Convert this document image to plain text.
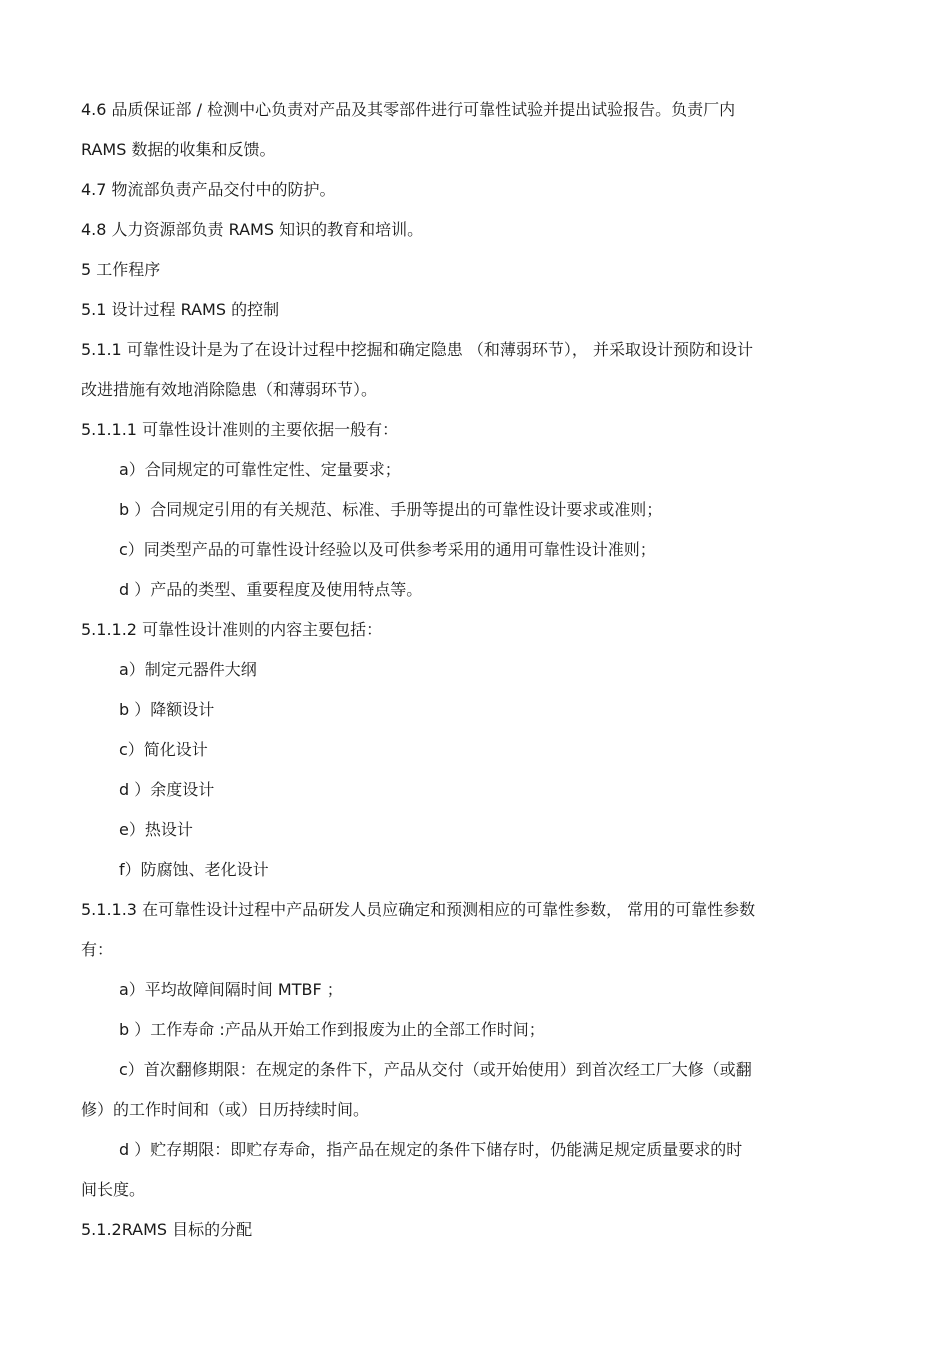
4.6 品质保证部 / 检测中心负责对产品及其零部件进行可靠性试验并提出试验报告。负责厂内
RAMS 数据的收集和反馈。
4.7 物流部负责产品交付中的防护。
4.8 人力资源部负责 RAMS 知识的教育和培训。
5 工作程序
5.1 设计过程 RAMS 的控制
5.1.1 可靠性设计是为了在设计过程中挖掘和确定隐患 （和薄弱环节）， 并采取设计预防和设计
改进措施有效地消除隐患（和薄弱环节）。
5.1.1.1 可靠性设计准则的主要依据一般有：
a）合同规定的可靠性定性、定量要求；
b ）合同规定引用的有关规范、标准、手册等提出的可靠性设计要求或准则；
c）同类型产品的可靠性设计经验以及可供参考采用的通用可靠性设计准则；
d ）产品的类型、重要程度及使用特点等。
5.1.1.2 可靠性设计准则的内容主要包括：
a）制定元器件大纲
b ）降额设计
c）简化设计
d ）余度设计
e）热设计
f）防腐蚀、老化设计
5.1.1.3 在可靠性设计过程中产品研发人员应确定和预测相应的可靠性参数， 常用的可靠性参数
有：
a）平均故障间隔时间 MTBF ；
b ）工作寿命 :产品从开始工作到报废为止的全部工作时间；
c）首次翻修期限：在规定的条件下，产品从交付（或开始使用）到首次经工厂大修（或翻
修）的工作时间和（或）日历持续时间。
d ）贮存期限：即贮存寿命，指产品在规定的条件下储存时，仍能满足规定质量要求的时
间长度。
5.1.2RAMS 目标的分配
